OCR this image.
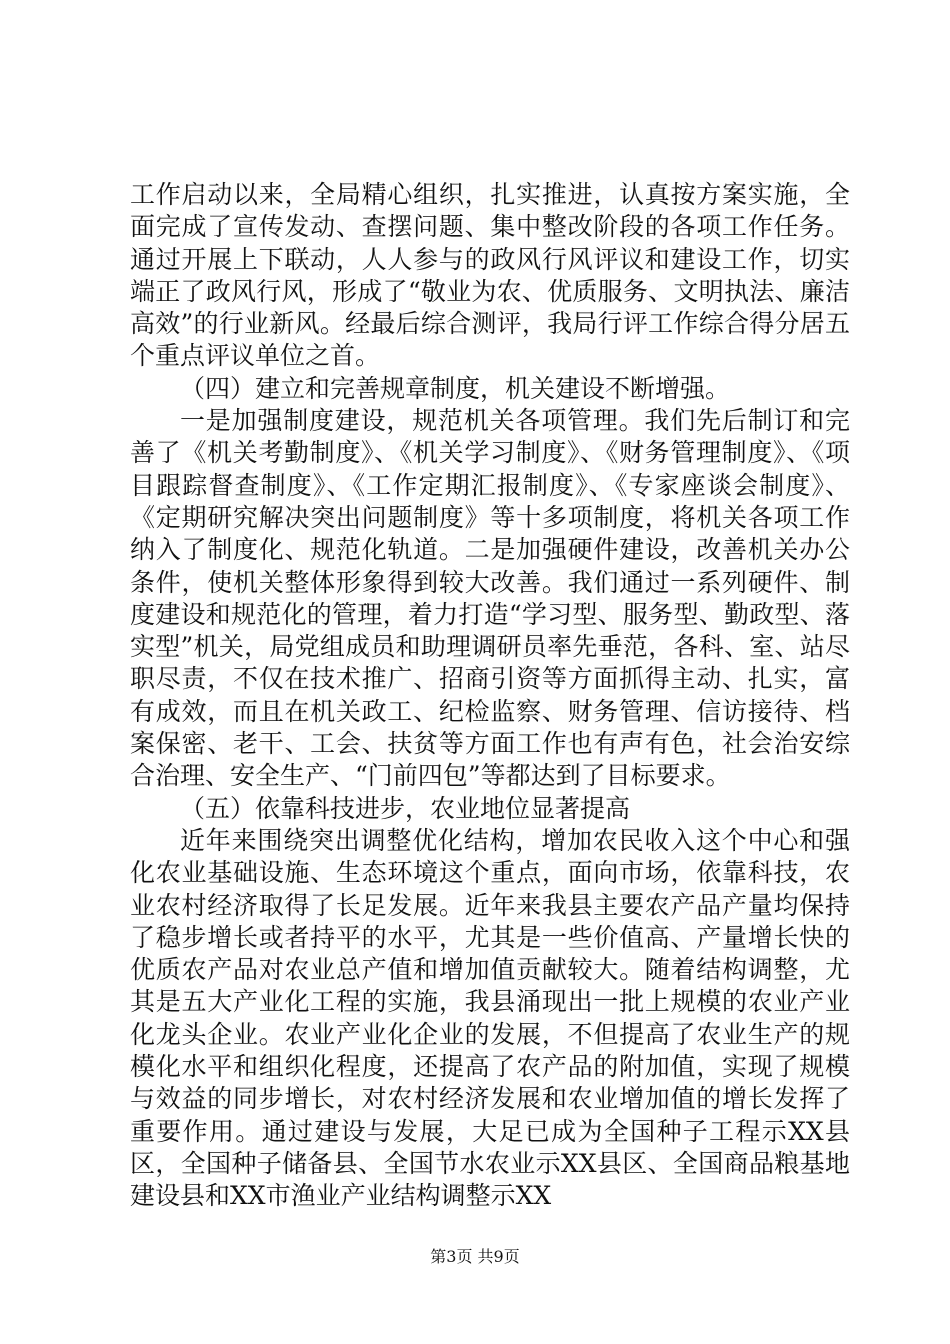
工作启动以来，全局精心组织，扎实推进，认真按方案实施，全面完成了宣传发动、查摆问题、集中整改阶段的各项工作任务。通过开展上下联动，人人参与的政风行风评议和建设工作，切实端正了政风行风，形成了“敬业为农、优质服务、文明执法、廉洁高效”的行业新风。经最后综合测评，我局行评工作综合得分居五个重点评议单位之首。

（四）建立和完善规章制度，机关建设不断增强。

一是加强制度建设，规范机关各项管理。我们先后制订和完善了《机关考勤制度》、《机关学习制度》、《财务管理制度》、《项目跟踪督查制度》、《工作定期汇报制度》、《专家座谈会制度》、《定期研究解决突出问题制度》等十多项制度，将机关各项工作纳入了制度化、规范化轨道。二是加强硬件建设，改善机关办公条件，使机关整体形象得到较大改善。我们通过一系列硬件、制度建设和规范化的管理，着力打造“学习型、服务型、勤政型、落实型”机关，局党组成员和助理调研员率先垂范，各科、室、站尽职尽责，不仅在技术推广、招商引资等方面抓得主动、扎实，富有成效，而且在机关政工、纪检监察、财务管理、信访接待、档案保密、老干、工会、扶贫等方面工作也有声有色，社会治安综合治理、安全生产、“门前四包”等都达到了目标要求。

（五）依靠科技进步，农业地位显著提高

近年来围绕突出调整优化结构，增加农民收入这个中心和强化农业基础设施、生态环境这个重点，面向市场，依靠科技，农业农村经济取得了长足发展。近年来我县主要农产品产量均保持了稳步增长或者持平的水平，尤其是一些价值高、产量增长快的优质农产品对农业总产值和增加值贡献较大。随着结构调整，尤其是五大产业化工程的实施，我县涌现出一批上规模的农业产业化龙头企业。农业产业化企业的发展，不但提高了农业生产的规模化水平和组织化程度，还提高了农产品的附加值，实现了规模与效益的同步增长，对农村经济发展和农业增加值的增长发挥了重要作用。通过建设与发展，大足已成为全国种子工程示XX县区，全国种子储备县、全国节水农业示XX县区、全国商品粮基地建设县和XX市渔业产业结构调整示XX

第3页 共9页
